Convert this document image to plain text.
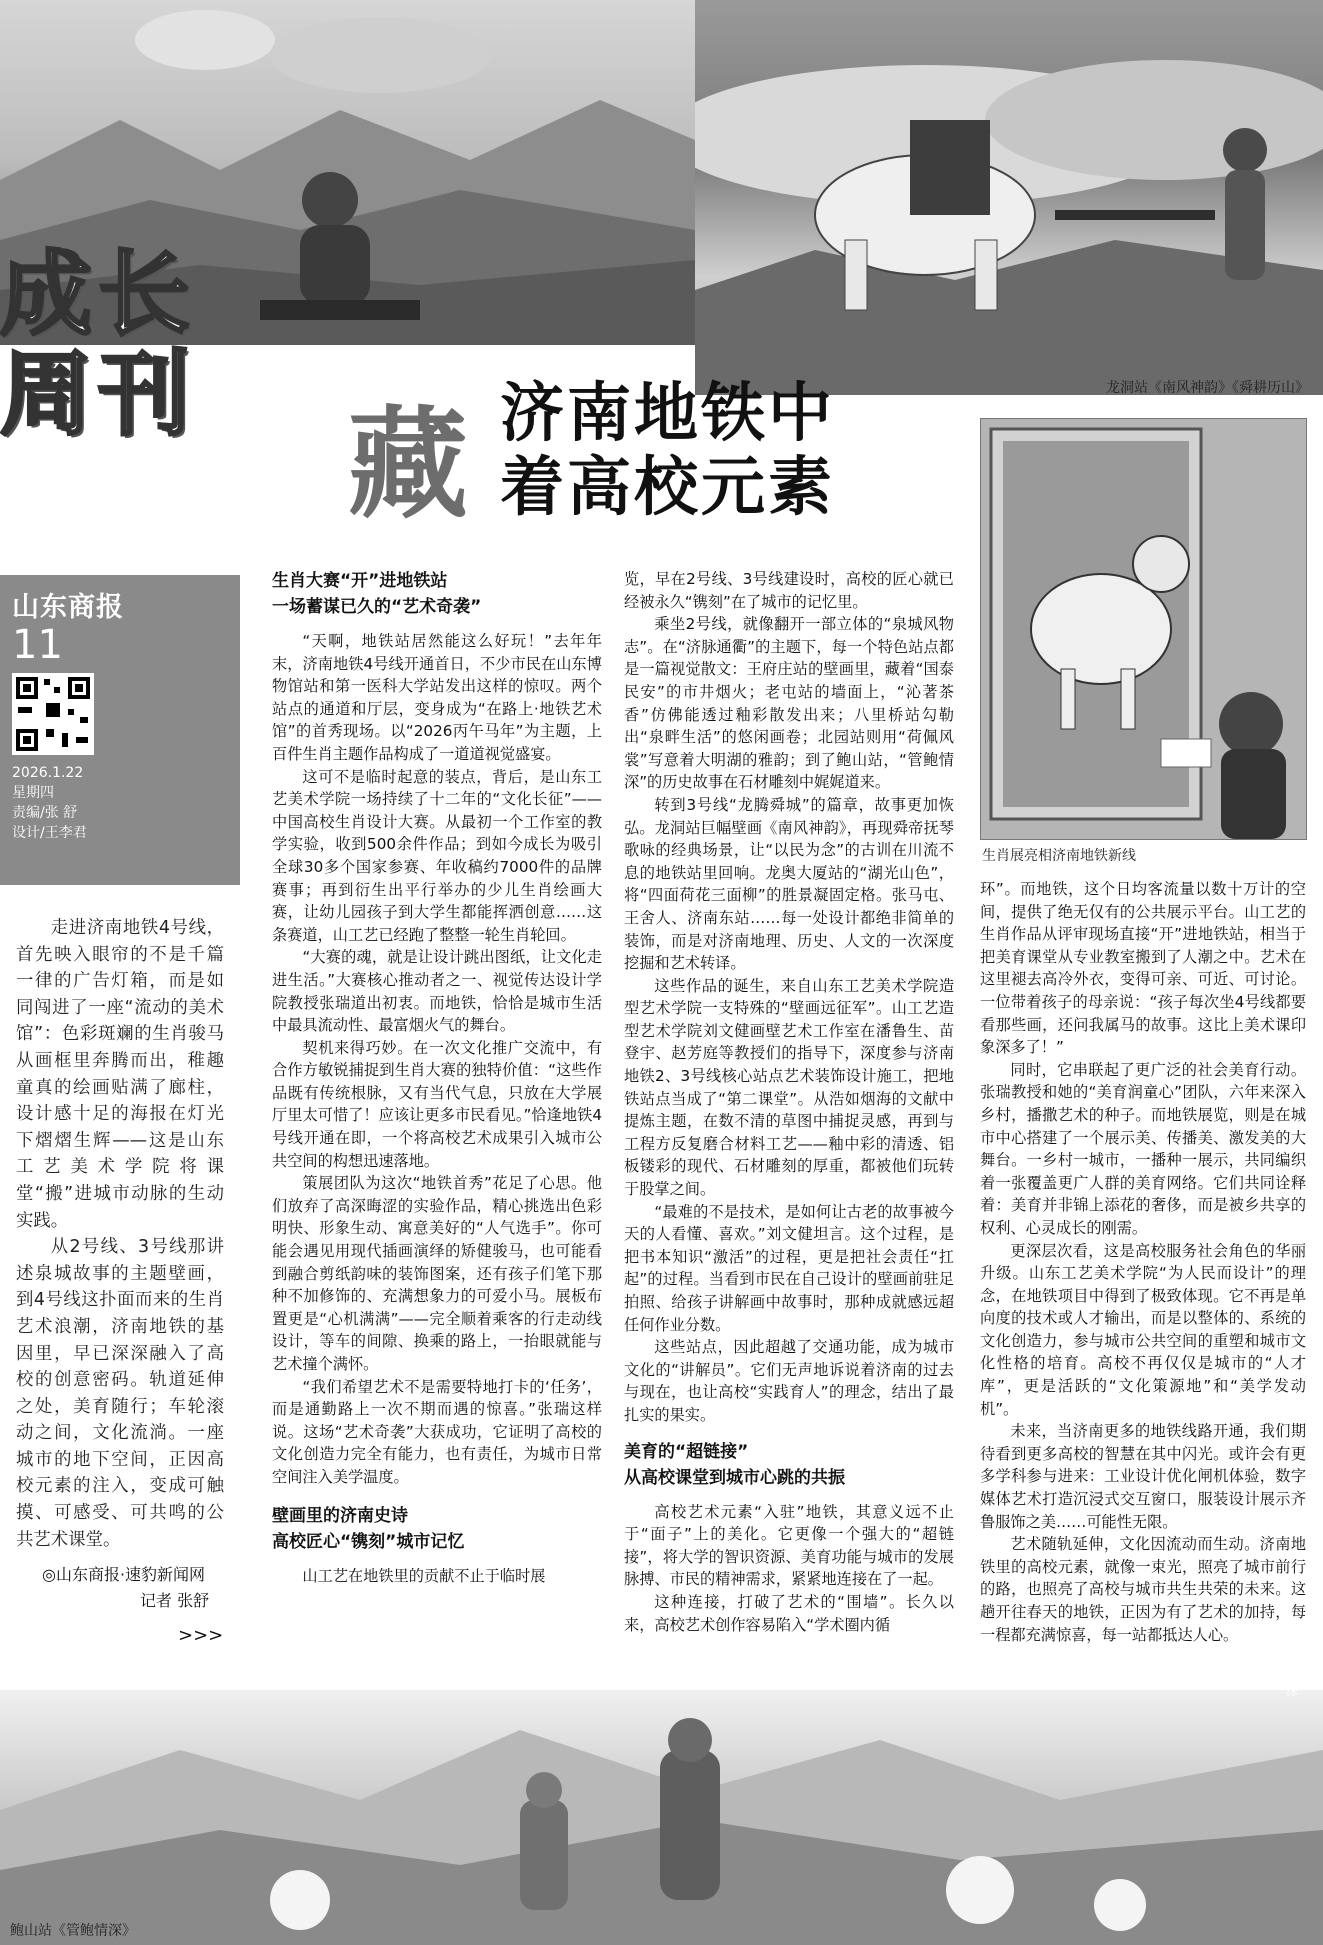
龙洞站《南风神韵》《舜耕历山》
成长
周刊
最好的教育是一起成长
山东商报
11
2026.1.22
星期四
责编/张 舒
设计/王李君
藏 济南地铁中
着高校元素
生肖展亮相济南地铁新线

走进济南地铁4号线，首先映入眼帘的不是千篇一律的广告灯箱，而是如同闯进了一座“流动的美术馆”：色彩斑斓的生肖骏马从画框里奔腾而出，稚趣童真的绘画贴满了廊柱，设计感十足的海报在灯光下熠熠生辉——这是山东工艺美术学院将课堂“搬”进城市动脉的生动实践。

从2号线、3号线那讲述泉城故事的主题壁画，到4号线这扑面而来的生肖艺术浪潮，济南地铁的基因里，早已深深融入了高校的创意密码。轨道延伸之处，美育随行；车轮滚动之间，文化流淌。一座城市的地下空间，正因高校元素的注入，变成可触摸、可感受、可共鸣的公共艺术课堂。

◎山东商报·速豹新闻网
记者 张舒
>>>
生肖大赛“开”进地铁站
一场蓄谋已久的“艺术奇袭”

“天啊，地铁站居然能这么好玩！”去年年末，济南地铁4号线开通首日，不少市民在山东博物馆站和第一医科大学站发出这样的惊叹。两个站点的通道和厅层，变身成为“在路上·地铁艺术馆”的首秀现场。以“2026丙午马年”为主题，上百件生肖主题作品构成了一道道视觉盛宴。

这可不是临时起意的装点，背后，是山东工艺美术学院一场持续了十二年的“文化长征”——中国高校生肖设计大赛。从最初一个工作室的教学实验，收到500余件作品；到如今成长为吸引全球30多个国家参赛、年收稿约7000件的品牌赛事；再到衍生出平行举办的少儿生肖绘画大赛，让幼儿园孩子到大学生都能挥洒创意……这条赛道，山工艺已经跑了整整一轮生肖轮回。

“大赛的魂，就是让设计跳出图纸，让文化走进生活。”大赛核心推动者之一、视觉传达设计学院教授张瑞道出初衷。而地铁，恰恰是城市生活中最具流动性、最富烟火气的舞台。

契机来得巧妙。在一次文化推广交流中，有合作方敏锐捕捉到生肖大赛的独特价值：“这些作品既有传统根脉，又有当代气息，只放在大学展厅里太可惜了！应该让更多市民看见。”恰逢地铁4号线开通在即，一个将高校艺术成果引入城市公共空间的构想迅速落地。

策展团队为这次“地铁首秀”花足了心思。他们放弃了高深晦涩的实验作品，精心挑选出色彩明快、形象生动、寓意美好的“人气选手”。你可能会遇见用现代插画演绎的矫健骏马，也可能看到融合剪纸韵味的装饰图案，还有孩子们笔下那种不加修饰的、充满想象力的可爱小马。展板布置更是“心机满满”——完全顺着乘客的行走动线设计，等车的间隙、换乘的路上，一抬眼就能与艺术撞个满怀。

“我们希望艺术不是需要特地打卡的‘任务’，而是通勤路上一次不期而遇的惊喜。”张瑞这样说。这场“艺术奇袭”大获成功，它证明了高校的文化创造力完全有能力，也有责任，为城市日常空间注入美学温度。

壁画里的济南史诗
高校匠心“镌刻”城市记忆

山工艺在地铁里的贡献不止于临时展

览，早在2号线、3号线建设时，高校的匠心就已经被永久“镌刻”在了城市的记忆里。

乘坐2号线，就像翻开一部立体的“泉城风物志”。在“济脉通衢”的主题下，每一个特色站点都是一篇视觉散文：王府庄站的壁画里，藏着“国泰民安”的市井烟火；老屯站的墙面上，“沁著茶香”仿佛能透过釉彩散发出来；八里桥站勾勒出“泉畔生活”的悠闲画卷；北园站则用“荷佩风裳”写意着大明湖的雅韵；到了鲍山站，“管鲍情深”的历史故事在石材雕刻中娓娓道来。

转到3号线“龙腾舜城”的篇章，故事更加恢弘。龙洞站巨幅壁画《南风神韵》，再现舜帝抚琴歌咏的经典场景，让“以民为念”的古训在川流不息的地铁站里回响。龙奥大厦站的“湖光山色”，将“四面荷花三面柳”的胜景凝固定格。张马屯、王舍人、济南东站……每一处设计都绝非简单的装饰，而是对济南地理、历史、人文的一次深度挖掘和艺术转译。

这些作品的诞生，来自山东工艺美术学院造型艺术学院一支特殊的“壁画远征军”。山工艺造型艺术学院刘文健画壁艺术工作室在潘鲁生、苗登宇、赵芳庭等教授们的指导下，深度参与济南地铁2、3号线核心站点艺术装饰设计施工，把地铁站点当成了“第二课堂”。从浩如烟海的文献中提炼主题，在数不清的草图中捕捉灵感，再到与工程方反复磨合材料工艺——釉中彩的清透、铝板镂彩的现代、石材雕刻的厚重，都被他们玩转于股掌之间。

“最难的不是技术，是如何让古老的故事被今天的人看懂、喜欢。”刘文健坦言。这个过程，是把书本知识“激活”的过程，更是把社会责任“扛起”的过程。当看到市民在自己设计的壁画前驻足拍照、给孩子讲解画中故事时，那种成就感远超任何作业分数。

这些站点，因此超越了交通功能，成为城市文化的“讲解员”。它们无声地诉说着济南的过去与现在，也让高校“实践育人”的理念，结出了最扎实的果实。

美育的“超链接”
从高校课堂到城市心跳的共振

高校艺术元素“入驻”地铁，其意义远不止于“面子”上的美化。它更像一个强大的“超链接”，将大学的智识资源、美育功能与城市的发展脉搏、市民的精神需求，紧紧地连接在了一起。

这种连接，打破了艺术的“围墙”。长久以来，高校艺术创作容易陷入“学术圈内循

环”。而地铁，这个日均客流量以数十万计的空间，提供了绝无仅有的公共展示平台。山工艺的生肖作品从评审现场直接“开”进地铁站，相当于把美育课堂从专业教室搬到了人潮之中。艺术在这里褪去高冷外衣，变得可亲、可近、可讨论。一位带着孩子的母亲说：“孩子每次坐4号线都要看那些画，还问我属马的故事。这比上美术课印象深多了！”

同时，它串联起了更广泛的社会美育行动。张瑞教授和她的“美育润童心”团队，六年来深入乡村，播撒艺术的种子。而地铁展览，则是在城市中心搭建了一个展示美、传播美、激发美的大舞台。一乡村一城市，一播种一展示，共同编织着一张覆盖更广人群的美育网络。它们共同诠释着：美育并非锦上添花的奢侈，而是被乡共享的权利、心灵成长的刚需。

更深层次看，这是高校服务社会角色的华丽升级。山东工艺美术学院“为人民而设计”的理念，在地铁项目中得到了极致体现。它不再是单向度的技术或人才输出，而是以整体的、系统的文化创造力，参与城市公共空间的重塑和城市文化性格的培育。高校不再仅仅是城市的“人才库”，更是活跃的“文化策源地”和“美学发动机”。

未来，当济南更多的地铁线路开通，我们期待看到更多高校的智慧在其中闪光。或许会有更多学科参与进来：工业设计优化闸机体验，数字媒体艺术打造沉浸式交互窗口，服装设计展示齐鲁服饰之美……可能性无限。

艺术随轨延伸，文化因流动而生动。济南地铁里的高校元素，就像一束光，照亮了城市前行的路，也照亮了高校与城市共生共荣的未来。这趟开往春天的地铁，正因为有了艺术的加持，每一程都充满惊喜，每一站都抵达人心。

鲍山站《管鲍情深》
管鲍情深
